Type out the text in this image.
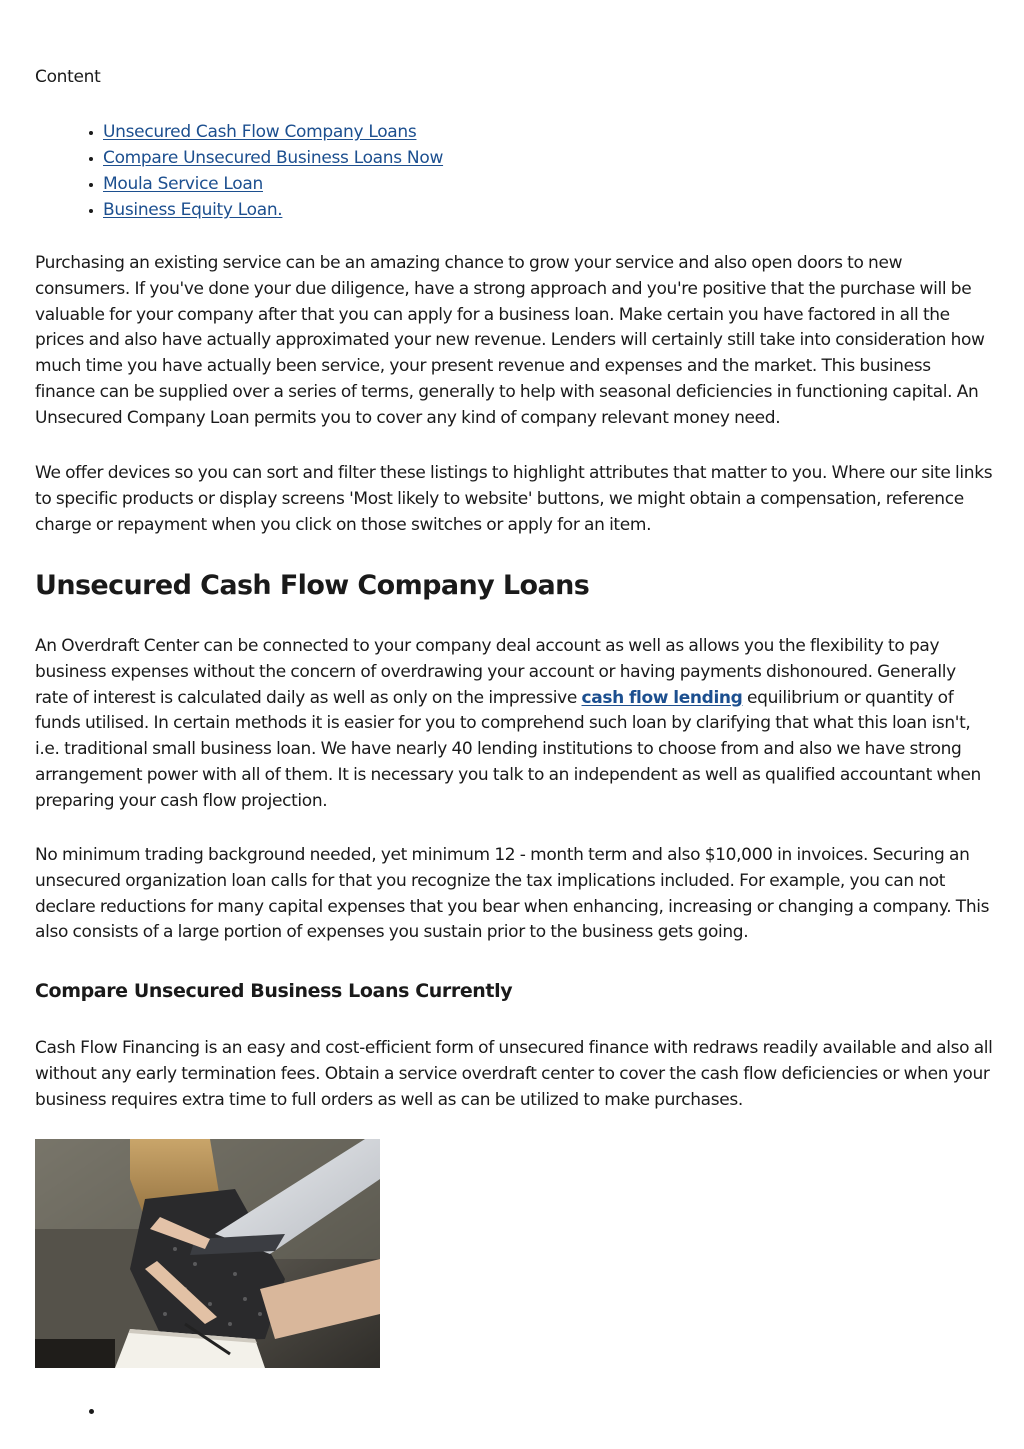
Content
Unsecured Cash Flow Company Loans
Compare Unsecured Business Loans Now
Moula Service Loan
Business Equity Loan.

Purchasing an existing service can be an amazing chance to grow your service and also open doors to new consumers. If you've done your due diligence, have a strong approach and you're positive that the purchase will be valuable for your company after that you can apply for a business loan. Make certain you have factored in all the prices and also have actually approximated your new revenue. Lenders will certainly still take into consideration how much time you have actually been service, your present revenue and expenses and the market. This business finance can be supplied over a series of terms, generally to help with seasonal deficiencies in functioning capital. An Unsecured Company Loan permits you to cover any kind of company relevant money need.

We offer devices so you can sort and filter these listings to highlight attributes that matter to you. Where our site links to specific products or display screens 'Most likely to website' buttons, we might obtain a compensation, reference charge or repayment when you click on those switches or apply for an item.

Unsecured Cash Flow Company Loans

An Overdraft Center can be connected to your company deal account as well as allows you the flexibility to pay business expenses without the concern of overdrawing your account or having payments dishonoured. Generally rate of interest is calculated daily as well as only on the impressive cash flow lending equilibrium or quantity of funds utilised. In certain methods it is easier for you to comprehend such loan by clarifying that what this loan isn't, i.e. traditional small business loan. We have nearly 40 lending institutions to choose from and also we have strong arrangement power with all of them. It is necessary you talk to an independent as well as qualified accountant when preparing your cash flow projection.

No minimum trading background needed, yet minimum 12 - month term and also $10,000 in invoices. Securing an unsecured organization loan calls for that you recognize the tax implications included. For example, you can not declare reductions for many capital expenses that you bear when enhancing, increasing or changing a company. This also consists of a large portion of expenses you sustain prior to the business gets going.

Compare Unsecured Business Loans Currently

Cash Flow Financing is an easy and cost-efficient form of unsecured finance with redraws readily available and also all without any early termination fees. Obtain a service overdraft center to cover the cash flow deficiencies or when your business requires extra time to full orders as well as can be utilized to make purchases.
